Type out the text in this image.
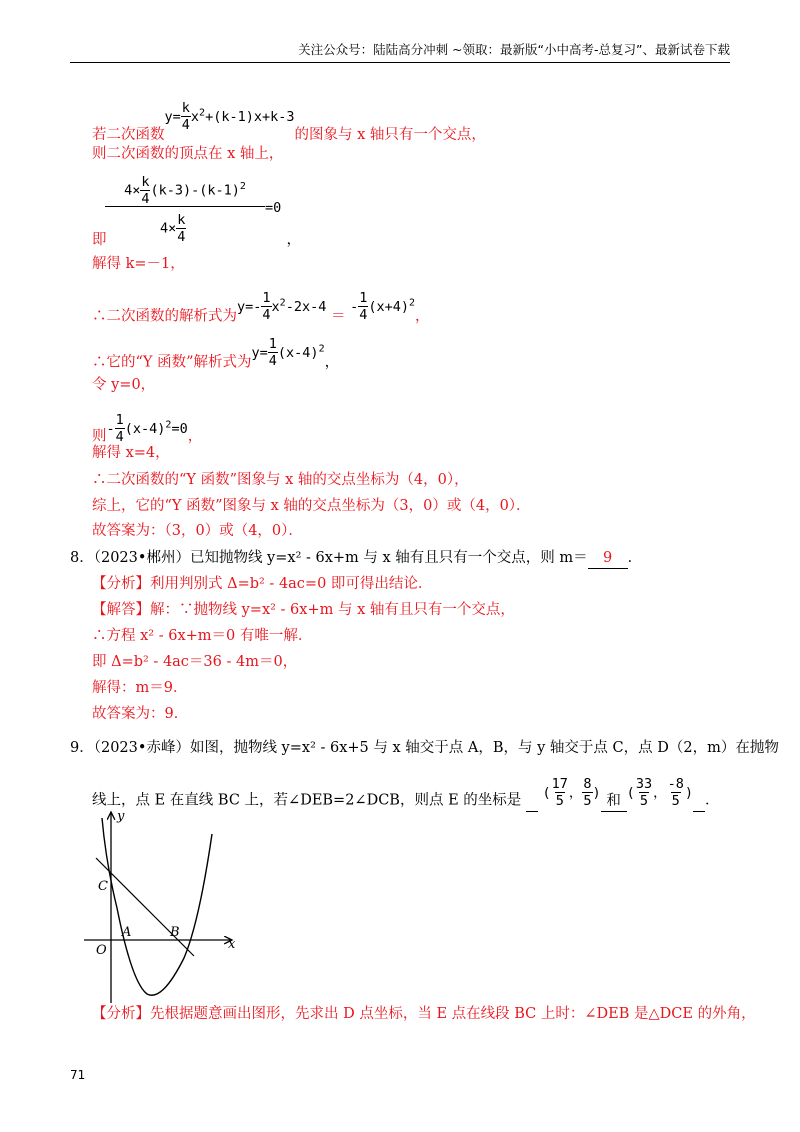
关注公众号：陆陆高分冲刺 ~领取：最新版“小中高考-总复习”、最新试卷下载
若二次函数$y= \frac{k}{4} x^2+(k-1)x+k-3$的图象与 x 轴只有一个交点，
则二次函数的顶点在 x 轴上，
$4\times \frac{k}{4} (k-3)-(k-1)^2$
=0
$4\times \frac{k}{4}$
即	，
解得 k=－1，
∴二次函数的解析式为$y=- \frac{1}{4} x^2-2x-4$ ＝ - $\frac{1}{4} (x+4)^2$，
∴它的“Y 函数”解析式为$y= \frac{1}{4} (x-4)^2$，
令 y=0，
则- $\frac{1}{4} (x-4)^2=0$，
解得 x=4，
∴二次函数的“Y 函数”图象与 x 轴的交点坐标为（4，0），
综上，它的“Y 函数”图象与 x 轴的交点坐标为（3，0）或（4，0）．
故答案为：（3，0）或（4，0）．
8．（2023•郴州）已知抛物线 y=x² - 6x+m 与 x 轴有且只有一个交点，则 m＝ 9 ．
【分析】利用判别式 Δ=b² - 4ac=0 即可得出结论．
【解答】解：∵抛物线 y=x² - 6x+m 与 x 轴有且只有一个交点，
∴方程 x² - 6x+m＝0 有唯一解．
即 Δ=b² - 4ac＝36 - 4m＝0，
解得：m＝9．
故答案为：9．
9．（2023•赤峰）如图，抛物线 y=x² - 6x+5 与 x 轴交于点 A，B，与 y 轴交于点 C，点 D（2，m）在抛物
线上，点 E 在直线 BC 上，若∠DEB=2∠DCB，则点 E 的坐标是 ( $\frac{17}{5}$ ， $\frac{8}{5}$ ) 和 ( $\frac{33}{5}$ ， $\frac{-8}{5}$ ) ．
y
x
C
O
A	B
【分析】先根据题意画出图形，先求出 D 点坐标，当 E 点在线段 BC 上时：∠DEB 是△DCE 的外角，
71
